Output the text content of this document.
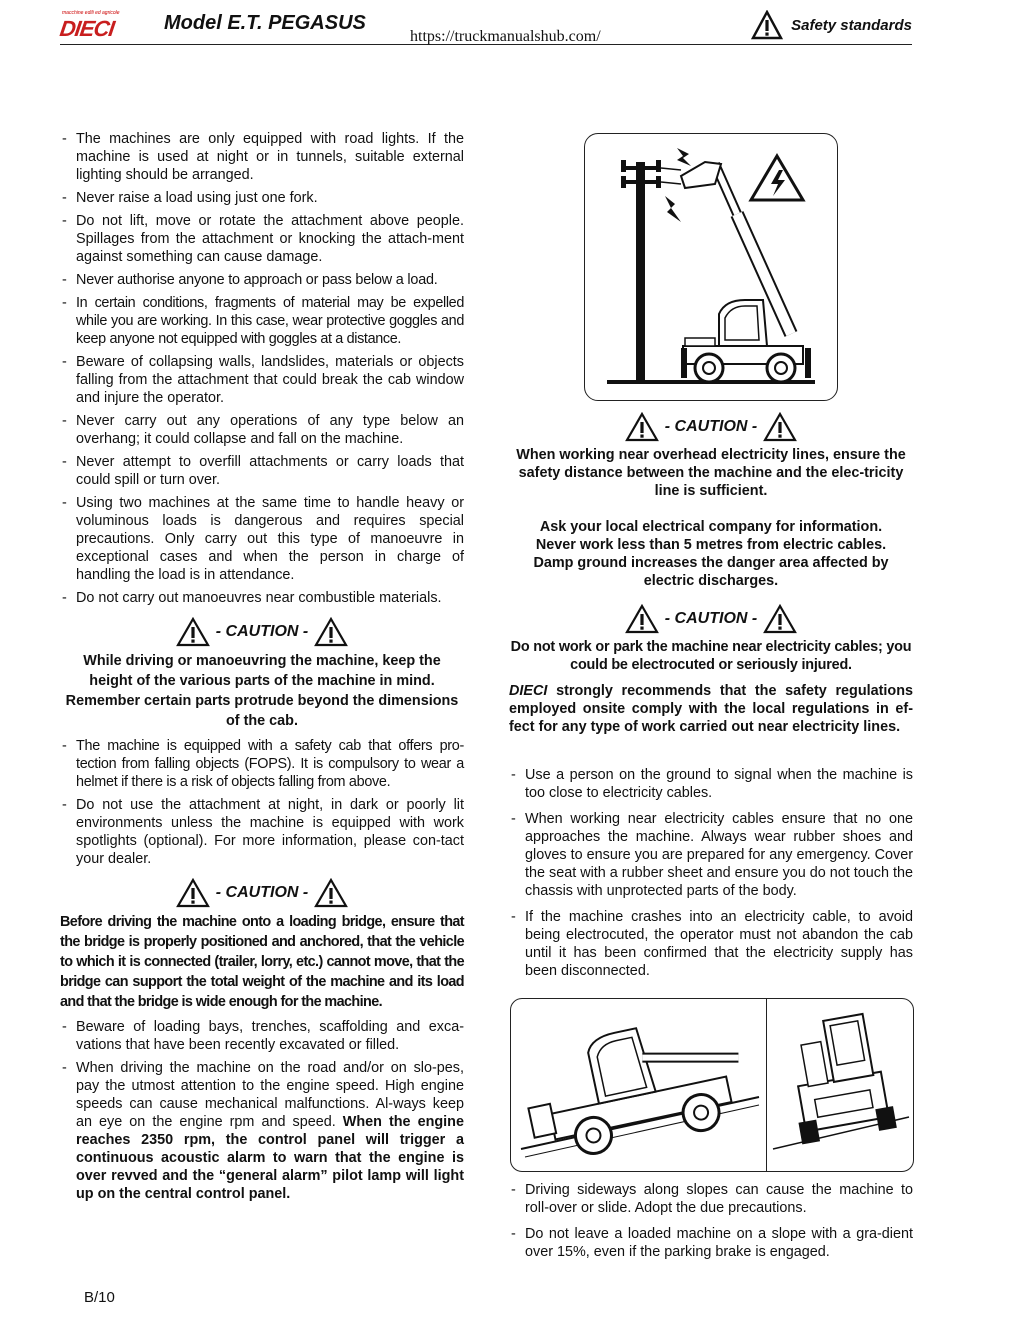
macchine edili ed agricole
DIECI Model E.T. PEGASUS
https://truckmanualshub.com/
Safety standards
- The machines are only equipped with road lights. If the machine is used at night or in tunnels, suitable external lighting should be arranged.
- Never raise a load using just one fork.
- Do not lift, move or rotate the attachment above people. Spillages from the attachment or knocking the attach-ment against something can cause damage.
- Never authorise anyone to approach or pass below a load.
- In certain conditions, fragments of material may be expelled while you are working. In this case, wear protective goggles and keep anyone not equipped with goggles at a distance.
- Beware of collapsing walls, landslides, materials or objects falling from the attachment that could break the cab window and injure the operator.
- Never carry out any operations of any type below an overhang; it could collapse and fall on the machine.
- Never attempt to overfill attachments or carry loads that could spill or turn over.
- Using two machines at the same time to handle heavy or voluminous loads is dangerous and requires special precautions. Only carry out this type of manoeuvre in exceptional cases and when the person in charge of handling the load is in attendance.
- Do not carry out manoeuvres near combustible materials.
- CAUTION -
While driving or manoeuvring the machine, keep the height of the various parts of the machine in mind.
Remember certain parts protrude beyond the dimensions of the cab.
- The machine is equipped with a safety cab that offers pro-tection from falling objects (FOPS). It is compulsory to wear a helmet if there is a risk of objects falling from above.
- Do not use the attachment at night, in dark or poorly lit environments unless the machine is equipped with work spotlights (optional). For more information, please con-tact your dealer.
- CAUTION -
Before driving the machine onto a loading bridge, ensure that the bridge is properly positioned and anchored, that the vehicle to which it is connected (trailer, lorry, etc.) cannot move, that the bridge can support the total weight of the machine and its load and that the bridge is wide enough for the machine.
- Beware of loading bays, trenches, scaffolding and exca-vations that have been recently excavated or filled.
- When driving the machine on the road and/or on slo-pes, pay the utmost attention to the engine speed. High engine speeds can cause mechanical malfunctions. Al-ways keep an eye on the engine rpm and speed. When the engine reaches 2350 rpm, the control panel will trigger a continuous acoustic alarm to warn that the engine is over revved and the “general alarm” pilot lamp will light up on the central control panel.
- CAUTION -
When working near overhead electricity lines, ensure the safety distance between the machine and the elec-tricity line is sufficient.
Ask your local electrical company for information.
Never work less than 5 metres from electric cables.
Damp ground increases the danger area affected by electric discharges.
- CAUTION -
Do not work or park the machine near electricity cables; you could be electrocuted or seriously injured.
DIECI strongly recommends that the safety regulations employed onsite comply with the local regulations in ef-fect for any type of work carried out near electricity lines.
- Use a person on the ground to signal when the machine is too close to electricity cables.
- When working near electricity cables ensure that no one approaches the machine. Always wear rubber shoes and gloves to ensure you are prepared for any emergency. Cover the seat with a rubber sheet and ensure you do not touch the chassis with unprotected parts of the body.
- If the machine crashes into an electricity cable, to avoid being electrocuted, the operator must not abandon the cab until it has been confirmed that the electricity supply has been disconnected.
- Driving sideways along slopes can cause the machine to roll-over or slide. Adopt the due precautions.
- Do not leave a loaded machine on a slope with a gra-dient over 15%, even if the parking brake is engaged.
B/10
